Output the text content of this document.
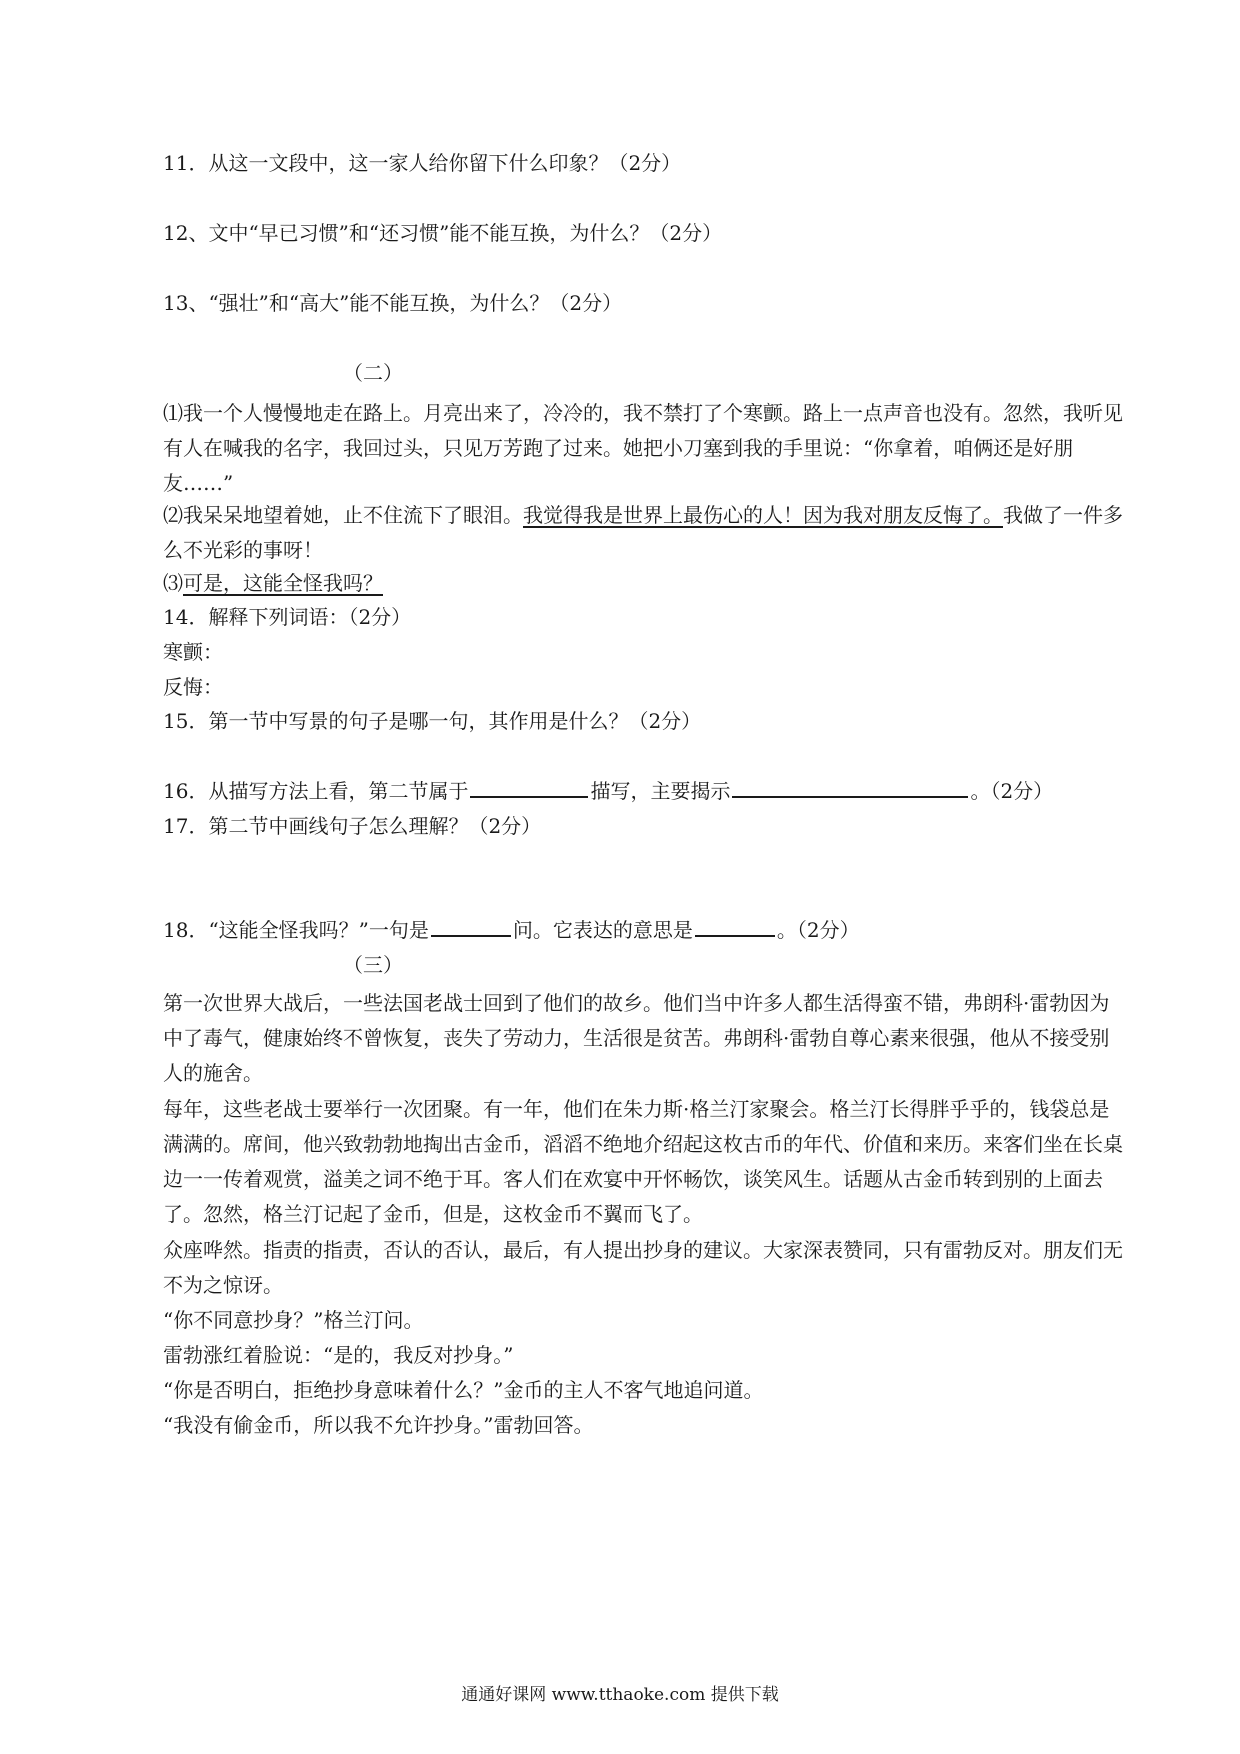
11．从这一文段中，这一家人给你留下什么印象？（2分）
12、文中“早已习惯”和“还习惯”能不能互换，为什么？（2分）
13、“强壮”和“高大”能不能互换，为什么？（2分）
（二）
⑴我一个人慢慢地走在路上。月亮出来了，冷冷的，我不禁打了个寒颤。路上一点声音也没有。忽然，我听见有人在喊我的名字，我回过头，只见万芳跑了过来。她把小刀塞到我的手里说：“你拿着，咱俩还是好朋友……”
⑵我呆呆地望着她，止不住流下了眼泪。我觉得我是世界上最伤心的人！因为我对朋友反悔了。我做了一件多么不光彩的事呀！
⑶可是，这能全怪我吗？
14．解释下列词语：（2分）
寒颤：
反悔：
15．第一节中写景的句子是哪一句，其作用是什么？（2分）
16．从描写方法上看，第二节属于	描写，主要揭示	。（2分）
17．第二节中画线句子怎么理解？（2分）
18．“这能全怪我吗？”一句是	问。它表达的意思是	。（2分）
（三）
第一次世界大战后，一些法国老战士回到了他们的故乡。他们当中许多人都生活得蛮不错，弗朗科·雷勃因为中了毒气，健康始终不曾恢复，丧失了劳动力，生活很是贫苦。弗朗科·雷勃自尊心素来很强，他从不接受别人的施舍。
每年，这些老战士要举行一次团聚。有一年，他们在朱力斯·格兰汀家聚会。格兰汀长得胖乎乎的，钱袋总是满满的。席间，他兴致勃勃地掏出古金币，滔滔不绝地介绍起这枚古币的年代、价值和来历。来客们坐在长桌边一一传着观赏，溢美之词不绝于耳。客人们在欢宴中开怀畅饮，谈笑风生。话题从古金币转到别的上面去了。忽然，格兰汀记起了金币，但是，这枚金币不翼而飞了。
众座哗然。指责的指责，否认的否认，最后，有人提出抄身的建议。大家深表赞同，只有雷勃反对。朋友们无不为之惊讶。
“你不同意抄身？”格兰汀问。
雷勃涨红着脸说：“是的，我反对抄身。”
“你是否明白，拒绝抄身意味着什么？”金币的主人不客气地追问道。
“我没有偷金币，所以我不允许抄身。”雷勃回答。
通通好课网 www.tthaoke.com 提供下载
